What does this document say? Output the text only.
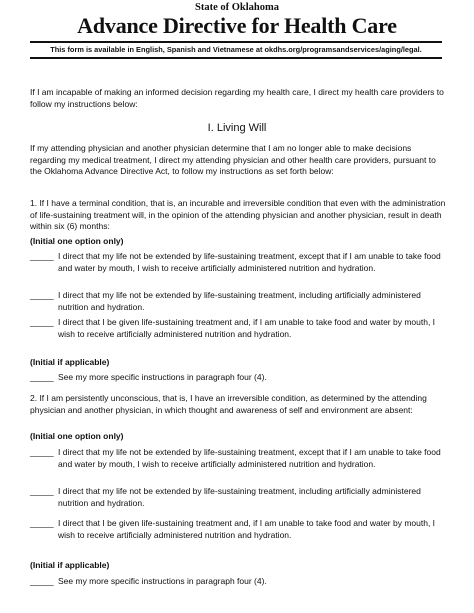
State of Oklahoma
Advance Directive for Health Care
This form is available in English, Spanish and Vietnamese at okdhs.org/programsandservices/aging/legal.
If I am incapable of making an informed decision regarding my health care, I direct my health care providers to follow my instructions below:
I. Living Will
If my attending physician and another physician determine that I am no longer able to make decisions regarding my medical treatment, I direct my attending physician and other health care providers, pursuant to the Oklahoma Advance Directive Act, to follow my instructions as set forth below:
1. If I have a terminal condition, that is, an incurable and irreversible condition that even with the administration of life-sustaining treatment will, in the opinion of the attending physician and another physician, result in death within six (6) months:
(Initial one option only)
_____ I direct that my life not be extended by life-sustaining treatment, except that if I am unable to take food and water by mouth, I wish to receive artificially administered nutrition and hydration.
_____ I direct that my life not be extended by life-sustaining treatment, including artificially administered nutrition and hydration.
_____ I direct that I be given life-sustaining treatment and, if I am unable to take food and water by mouth, I wish to receive artificially administered nutrition and hydration.
(Initial if applicable)
_____ See my more specific instructions in paragraph four (4).
2. If I am persistently unconscious, that is, I have an irreversible condition, as determined by the attending physician and another physician, in which thought and awareness of self and environment are absent:
(Initial one option only)
_____ I direct that my life not be extended by life-sustaining treatment, except that if I am unable to take food and water by mouth, I wish to receive artificially administered nutrition and hydration.
_____ I direct that my life not be extended by life-sustaining treatment, including artificially administered nutrition and hydration.
_____ I direct that I be given life-sustaining treatment and, if I am unable to take food and water by mouth, I wish to receive artificially administered nutrition and hydration.
(Initial if applicable)
_____ See my more specific instructions in paragraph four (4).
